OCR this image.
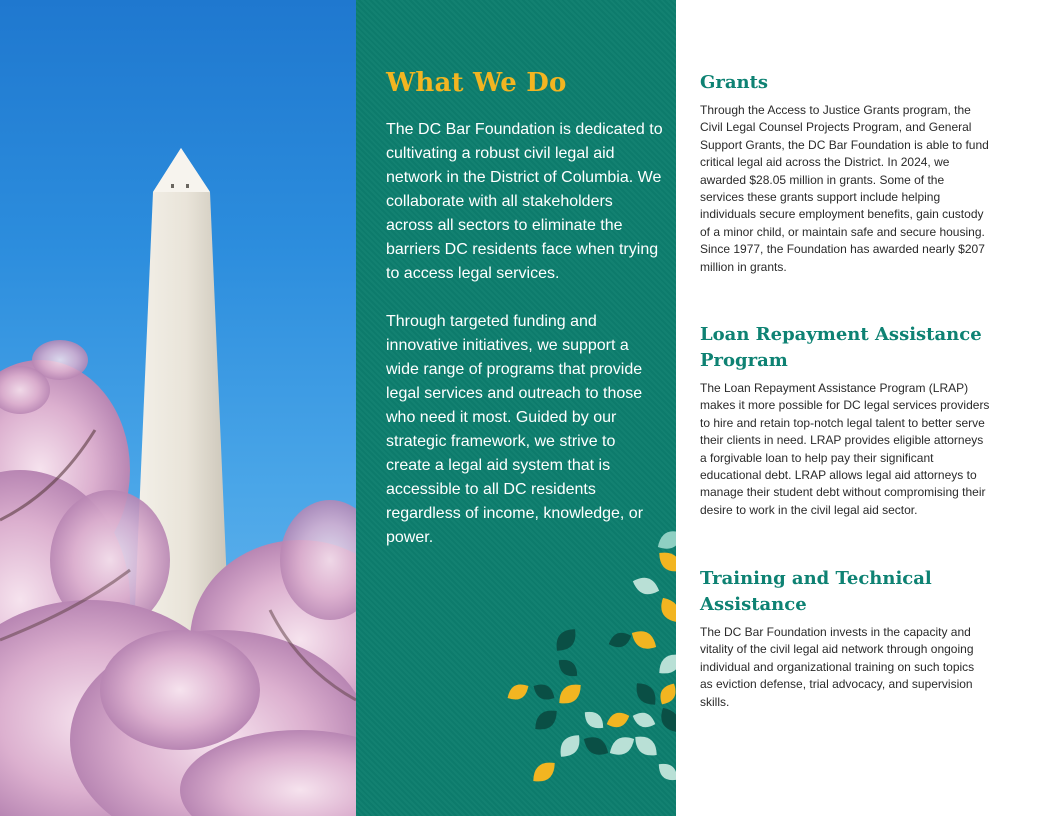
What We Do

The DC Bar Foundation is dedicated to cultivating a robust civil legal aid network in the District of Columbia. We collaborate with all stakeholders across all sectors to eliminate the barriers DC residents face when trying to access legal services.

Through targeted funding and innovative initiatives, we support a wide range of programs that provide legal services and outreach to those who need it most. Guided by our strategic framework, we strive to create a legal aid system that is accessible to all DC residents regardless of income, knowledge, or power.

Grants

Through the Access to Justice Grants program, the Civil Legal Counsel Projects Program, and General Support Grants, the DC Bar Foundation is able to fund critical legal aid across the District. In 2024, we awarded $28.05 million in grants. Some of the services these grants support include helping individuals secure employment benefits, gain custody of a minor child, or maintain safe and secure housing. Since 1977, the Foundation has awarded nearly $207 million in grants.

Loan Repayment Assistance Program

The Loan Repayment Assistance Program (LRAP) makes it more possible for DC legal services providers to hire and retain top-notch legal talent to better serve their clients in need. LRAP provides eligible attorneys a forgivable loan to help pay their significant educational debt. LRAP allows legal aid attorneys to manage their student debt without compromising their desire to work in the civil legal aid sector.

Training and Technical Assistance

The DC Bar Foundation invests in the capacity and vitality of the civil legal aid network through ongoing individual and organizational training on such topics as eviction defense, trial advocacy, and supervision skills.
